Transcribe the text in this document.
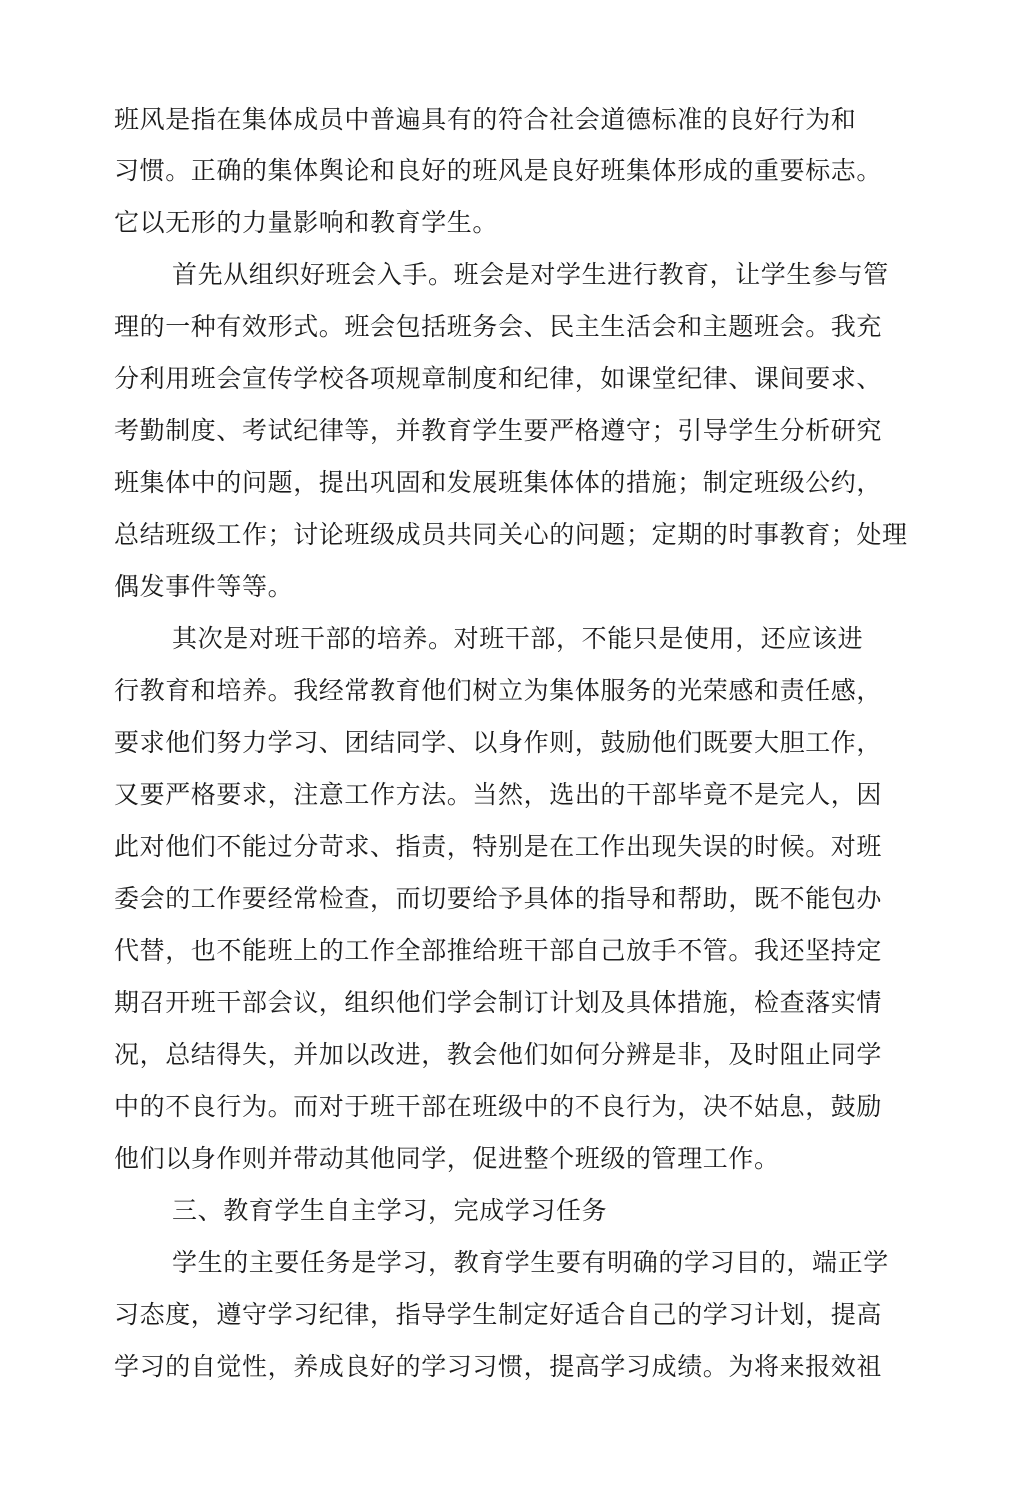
班风是指在集体成员中普遍具有的符合社会道德标准的良好行为和
习惯。正确的集体舆论和良好的班风是良好班集体形成的重要标志。
它以无形的力量影响和教育学生。
首先从组织好班会入手。班会是对学生进行教育，让学生参与管
理的一种有效形式。班会包括班务会、民主生活会和主题班会。我充
分利用班会宣传学校各项规章制度和纪律，如课堂纪律、课间要求、
考勤制度、考试纪律等，并教育学生要严格遵守；引导学生分析研究
班集体中的问题，提出巩固和发展班集体体的措施；制定班级公约，
总结班级工作；讨论班级成员共同关心的问题；定期的时事教育；处理
偶发事件等等。
其次是对班干部的培养。对班干部，不能只是使用，还应该进
行教育和培养。我经常教育他们树立为集体服务的光荣感和责任感，
要求他们努力学习、团结同学、以身作则，鼓励他们既要大胆工作，
又要严格要求，注意工作方法。当然，选出的干部毕竟不是完人，因
此对他们不能过分苛求、指责，特别是在工作出现失误的时候。对班
委会的工作要经常检查，而切要给予具体的指导和帮助，既不能包办
代替，也不能班上的工作全部推给班干部自己放手不管。我还坚持定
期召开班干部会议，组织他们学会制订计划及具体措施，检查落实情
况，总结得失，并加以改进，教会他们如何分辨是非，及时阻止同学
中的不良行为。而对于班干部在班级中的不良行为，决不姑息，鼓励
他们以身作则并带动其他同学，促进整个班级的管理工作。
三、教育学生自主学习，完成学习任务
学生的主要任务是学习，教育学生要有明确的学习目的，端正学
习态度，遵守学习纪律，指导学生制定好适合自己的学习计划，提高
学习的自觉性，养成良好的学习习惯，提高学习成绩。为将来报效祖
